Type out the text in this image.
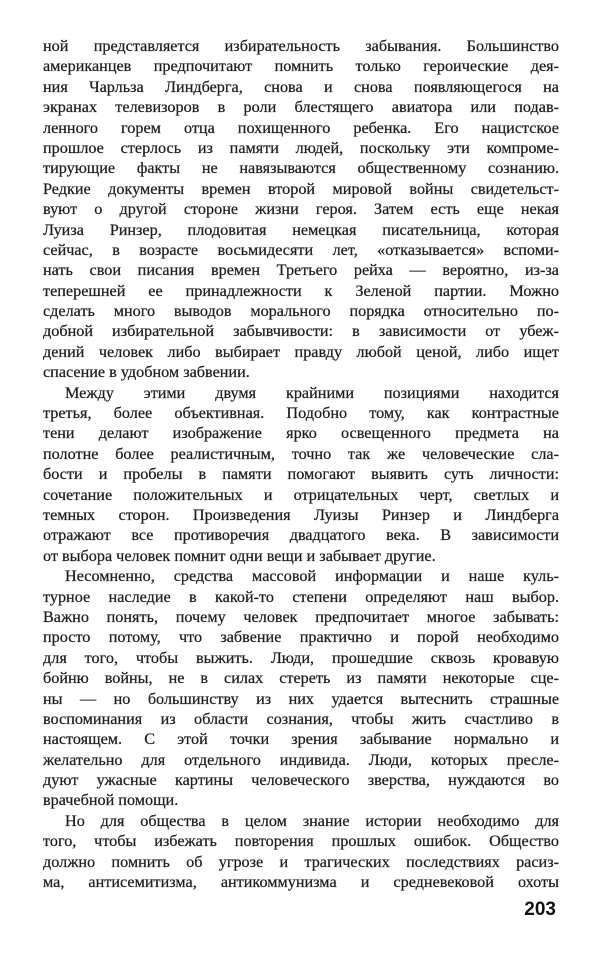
ной представляется избирательность забывания. Большинство
американцев предпочитают помнить только героические дея-
ния Чарльза Линдберга, снова и снова появляющегося на
экранах телевизоров в роли блестящего авиатора или подав-
ленного горем отца похищенного ребенка. Его нацистское
прошлое стерлось из памяти людей, поскольку эти компроме-
тирующие факты не навязываются общественному сознанию.
Редкие документы времен второй мировой войны свидетельст-
вуют о другой стороне жизни героя. Затем есть еще некая
Луиза Ринзер, плодовитая немецкая писательница, которая
сейчас, в возрасте восьмидесяти лет, «отказывается» вспоми-
нать свои писания времен Третьего рейха — вероятно, из-за
теперешней ее принадлежности к Зеленой партии. Можно
сделать много выводов морального порядка относительно по-
добной избирательной забывчивости: в зависимости от убеж-
дений человек либо выбирает правду любой ценой, либо ищет
спасение в удобном забвении.
Между этими двумя крайними позициями находится
третья, более объективная. Подобно тому, как контрастные
тени делают изображение ярко освещенного предмета на
полотне более реалистичным, точно так же человеческие сла-
бости и пробелы в памяти помогают выявить суть личности:
сочетание положительных и отрицательных черт, светлых и
темных сторон. Произведения Луизы Ринзер и Линдберга
отражают все противоречия двадцатого века. В зависимости
от выбора человек помнит одни вещи и забывает другие.
Несомненно, средства массовой информации и наше куль-
турное наследие в какой-то степени определяют наш выбор.
Важно понять, почему человек предпочитает многое забывать:
просто потому, что забвение практично и порой необходимо
для того, чтобы выжить. Люди, прошедшие сквозь кровавую
бойню войны, не в силах стереть из памяти некоторые сце-
ны — но большинству из них удается вытеснить страшные
воспоминания из области сознания, чтобы жить счастливо в
настоящем. С этой точки зрения забывание нормально и
желательно для отдельного индивида. Люди, которых пресле-
дуют ужасные картины человеческого зверства, нуждаются во
врачебной помощи.
Но для общества в целом знание истории необходимо для
того, чтобы избежать повторения прошлых ошибок. Общество
должно помнить об угрозе и трагических последствиях расиз-
ма, антисемитизма, антикоммунизма и средневековой охоты
203
